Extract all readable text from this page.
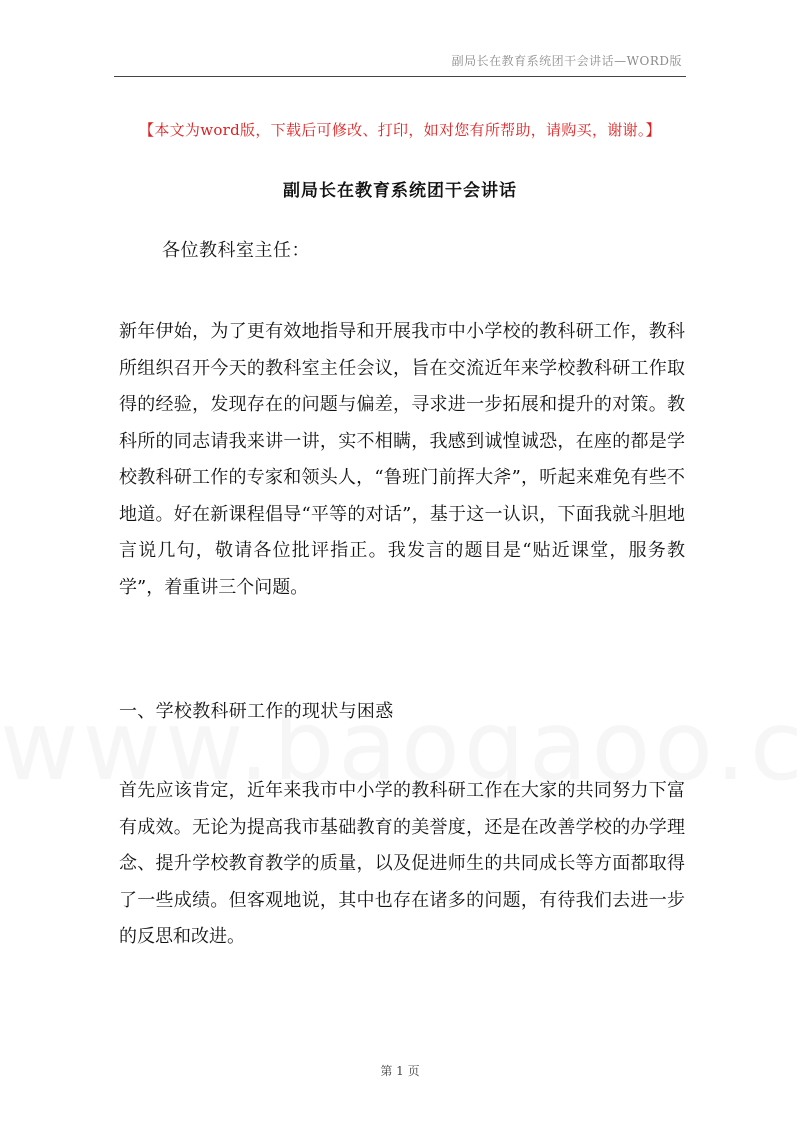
副局长在教育系统团干会讲话—WORD版
【本文为word版，下载后可修改、打印，如对您有所帮助，请购买，谢谢。】
副局长在教育系统团干会讲话
各位教科室主任：
新年伊始，为了更有效地指导和开展我市中小学校的教科研工作，教科所组织召开今天的教科室主任会议，旨在交流近年来学校教科研工作取得的经验，发现存在的问题与偏差，寻求进一步拓展和提升的对策。教科所的同志请我来讲一讲，实不相瞒，我感到诚惶诚恐，在座的都是学校教科研工作的专家和领头人，“鲁班门前挥大斧”，听起来难免有些不地道。好在新课程倡导“平等的对话”，基于这一认识，下面我就斗胆地言说几句，敬请各位批评指正。我发言的题目是“贴近课堂，服务教学”，着重讲三个问题。
一、学校教科研工作的现状与困惑
首先应该肯定，近年来我市中小学的教科研工作在大家的共同努力下富有成效。无论为提高我市基础教育的美誉度，还是在改善学校的办学理念、提升学校教育教学的质量，以及促进师生的共同成长等方面都取得了一些成绩。但客观地说，其中也存在诸多的问题，有待我们去进一步的反思和改进。
第 1 页
